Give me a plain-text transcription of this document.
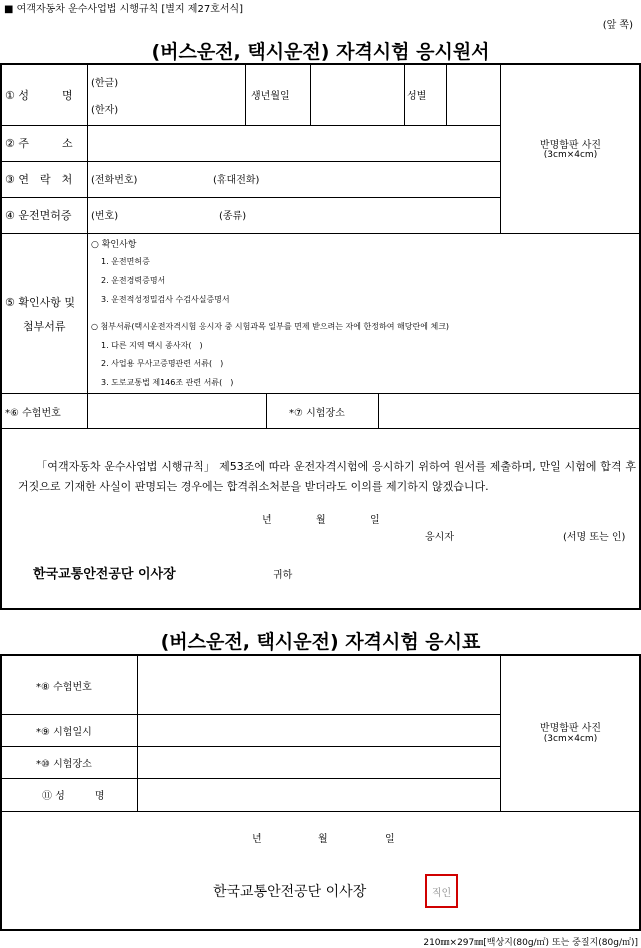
■ 여객자동차 운수사업법 시행규칙 [별지 제27호서식]
(앞 쪽)
(버스운전, 택시운전) 자격시험 응시원서
① 성　　　명
(한글)
(한자)
생년월일	성별
반명함판 사진
(3cm×4cm)
② 주　　　소
③ 연　락　처 (전화번호)	(휴대전화)
④ 운전면허증 (번호)	(종류)
⑤ 확인사항 및
첨부서류
○ 확인사항
1. 운전면허증
2. 운전경력증명서
3. 운전적성정밀검사 수검사실증명서
○ 첨부서류(택시운전자격시험 응시자 중 시험과목 일부를 면제 받으려는 자에 한정하여 해당란에 체크)
1. 다른 지역 택시 종사자(　)
2. 사업용 무사고증명관련 서류(　)
3. 도로교통법 제146조 관련 서류(　)
*⑥ 수험번호	*⑦ 시험장소
「여객자동차 운수사업법 시행규칙」 제53조에 따라 운전자격시험에 응시하기 위하여 원서를 제출하며, 만일 시험에 합격 후 거짓으로 기재한 사실이 판명되는 경우에는 합격취소처분을 받더라도 이의를 제기하지 않겠습니다.
년	월	일
응시자	(서명 또는 인)
한국교통안전공단 이사장	귀하
(버스운전, 택시운전) 자격시험 응시표
*⑧ 수험번호
*⑨ 시험일시
*⑩ 시험장소
⑪ 성　　　명
반명함판 사진
(3cm×4cm)
년	월	일
한국교통안전공단 이사장	직인
210㎜×297㎜[백상지(80g/㎡) 또는 중질지(80g/㎡)]
